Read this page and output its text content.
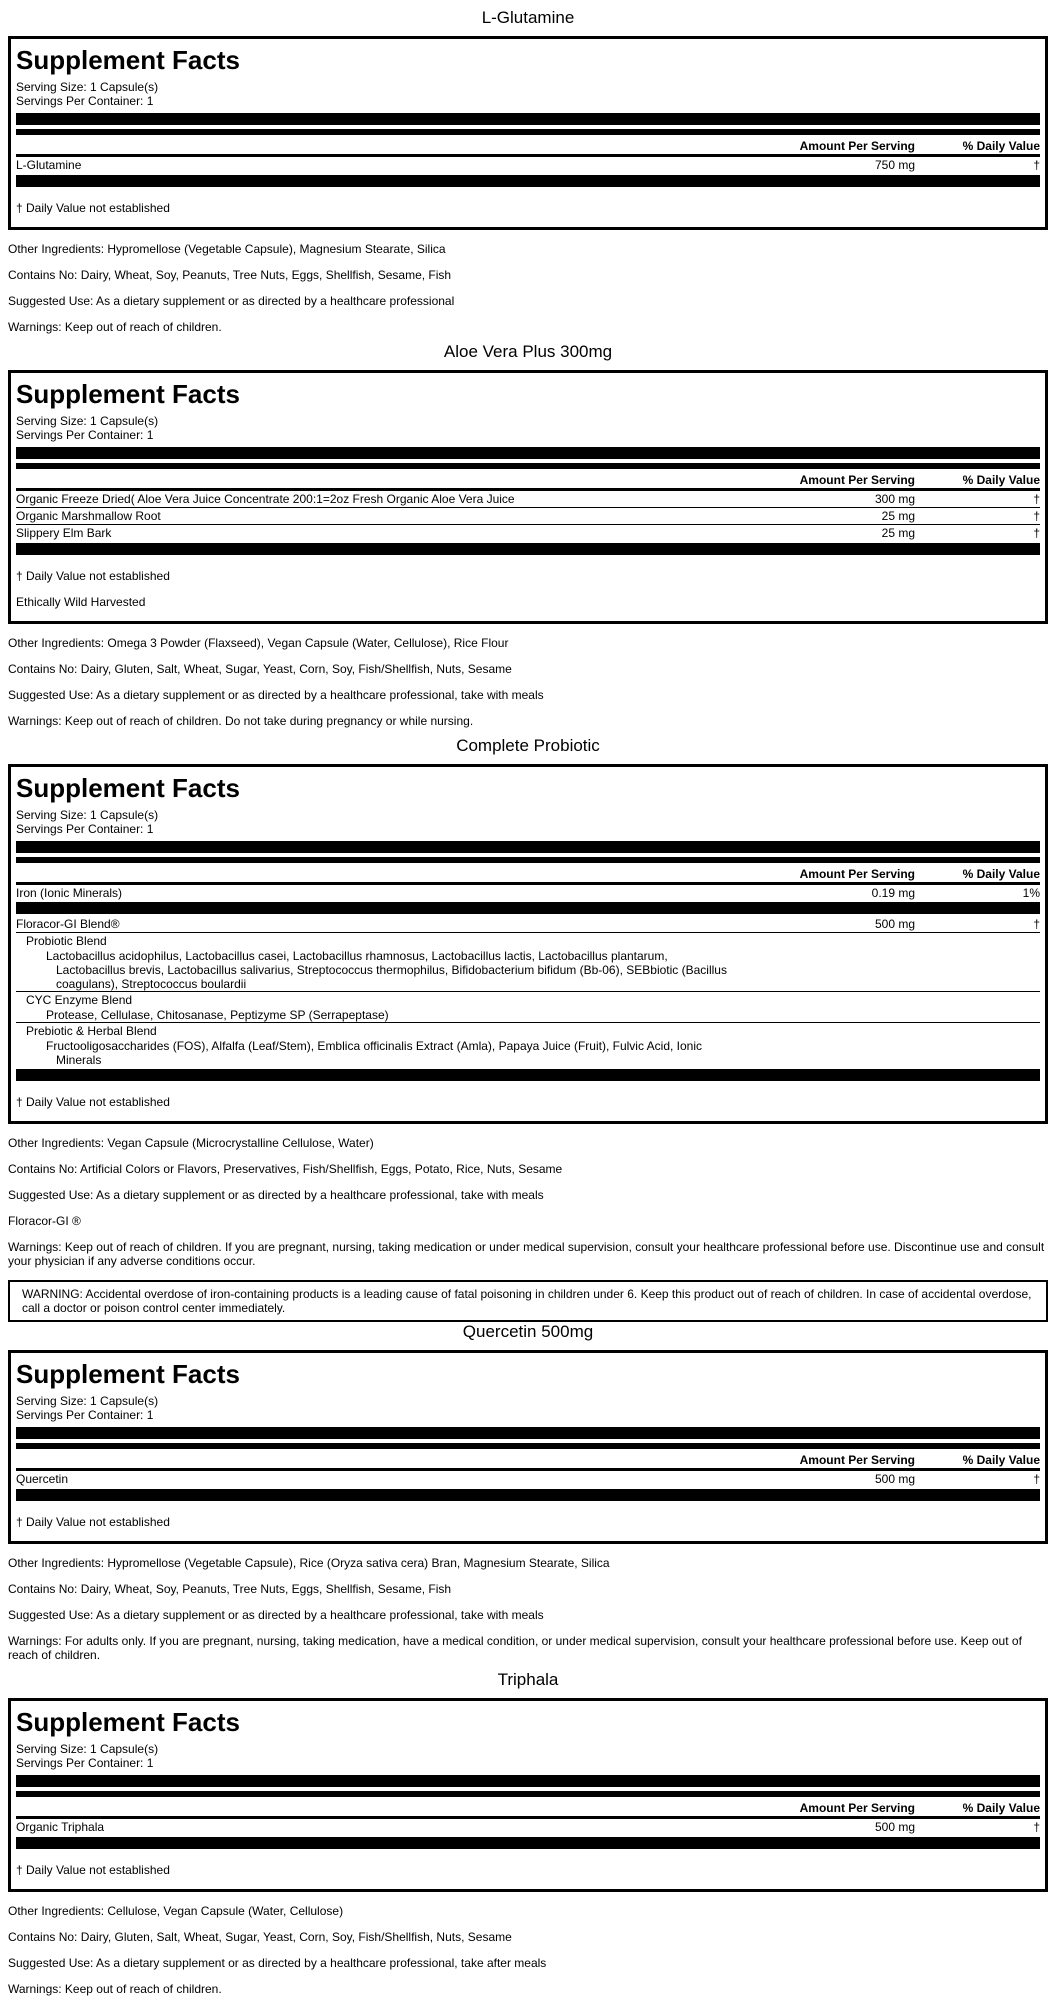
L-Glutamine
Supplement Facts
Serving Size: 1 Capsule(s)
Servings Per Container: 1
Amount Per Serving	% Daily Value
L-Glutamine	750 mg	†
† Daily Value not established

Other Ingredients: Hypromellose (Vegetable Capsule), Magnesium Stearate, Silica

Contains No: Dairy, Wheat, Soy, Peanuts, Tree Nuts, Eggs, Shellfish, Sesame, Fish

Suggested Use: As a dietary supplement or as directed by a healthcare professional

Warnings: Keep out of reach of children.

Aloe Vera Plus 300mg
Supplement Facts
Serving Size: 1 Capsule(s)
Servings Per Container: 1
Amount Per Serving	% Daily Value
Organic Freeze Dried( Aloe Vera Juice Concentrate 200:1=2oz Fresh Organic Aloe Vera Juice	300 mg	†
Organic Marshmallow Root	25 mg	†
Slippery Elm Bark	25 mg	†
† Daily Value not established
Ethically Wild Harvested

Other Ingredients: Omega 3 Powder (Flaxseed), Vegan Capsule (Water, Cellulose), Rice Flour

Contains No: Dairy, Gluten, Salt, Wheat, Sugar, Yeast, Corn, Soy, Fish/Shellfish, Nuts, Sesame

Suggested Use: As a dietary supplement or as directed by a healthcare professional, take with meals

Warnings: Keep out of reach of children. Do not take during pregnancy or while nursing.

Complete Probiotic
Supplement Facts
Serving Size: 1 Capsule(s)
Servings Per Container: 1
Amount Per Serving	% Daily Value
Iron (Ionic Minerals)	0.19 mg	1%
Floracor-GI Blend®	500 mg	†
Probiotic Blend
Lactobacillus acidophilus, Lactobacillus casei, Lactobacillus rhamnosus, Lactobacillus lactis, Lactobacillus plantarum,
Lactobacillus brevis, Lactobacillus salivarius, Streptococcus thermophilus, Bifidobacterium bifidum (Bb-06), SEBbiotic (Bacillus
coagulans), Streptococcus boulardii
CYC Enzyme Blend
Protease, Cellulase, Chitosanase, Peptizyme SP (Serrapeptase)
Prebiotic & Herbal Blend
Fructooligosaccharides (FOS), Alfalfa (Leaf/Stem), Emblica officinalis Extract (Amla), Papaya Juice (Fruit), Fulvic Acid, Ionic
Minerals
† Daily Value not established

Other Ingredients: Vegan Capsule (Microcrystalline Cellulose, Water)

Contains No: Artificial Colors or Flavors, Preservatives, Fish/Shellfish, Eggs, Potato, Rice, Nuts, Sesame

Suggested Use: As a dietary supplement or as directed by a healthcare professional, take with meals

Floracor-GI ®

Warnings: Keep out of reach of children. If you are pregnant, nursing, taking medication or under medical supervision, consult your healthcare professional before use. Discontinue use and consult your physician if any adverse conditions occur.

WARNING: Accidental overdose of iron-containing products is a leading cause of fatal poisoning in children under 6. Keep this product out of reach of children. In case of accidental overdose, call a doctor or poison control center immediately.
Quercetin 500mg
Supplement Facts
Serving Size: 1 Capsule(s)
Servings Per Container: 1
Amount Per Serving	% Daily Value
Quercetin	500 mg	†
† Daily Value not established

Other Ingredients: Hypromellose (Vegetable Capsule), Rice (Oryza sativa cera) Bran, Magnesium Stearate, Silica

Contains No: Dairy, Wheat, Soy, Peanuts, Tree Nuts, Eggs, Shellfish, Sesame, Fish

Suggested Use: As a dietary supplement or as directed by a healthcare professional, take with meals

Warnings: For adults only. If you are pregnant, nursing, taking medication, have a medical condition, or under medical supervision, consult your healthcare professional before use. Keep out of reach of children.

Triphala
Supplement Facts
Serving Size: 1 Capsule(s)
Servings Per Container: 1
Amount Per Serving	% Daily Value
Organic Triphala	500 mg	†
† Daily Value not established

Other Ingredients: Cellulose, Vegan Capsule (Water, Cellulose)

Contains No: Dairy, Gluten, Salt, Wheat, Sugar, Yeast, Corn, Soy, Fish/Shellfish, Nuts, Sesame

Suggested Use: As a dietary supplement or as directed by a healthcare professional, take after meals

Warnings: Keep out of reach of children.
